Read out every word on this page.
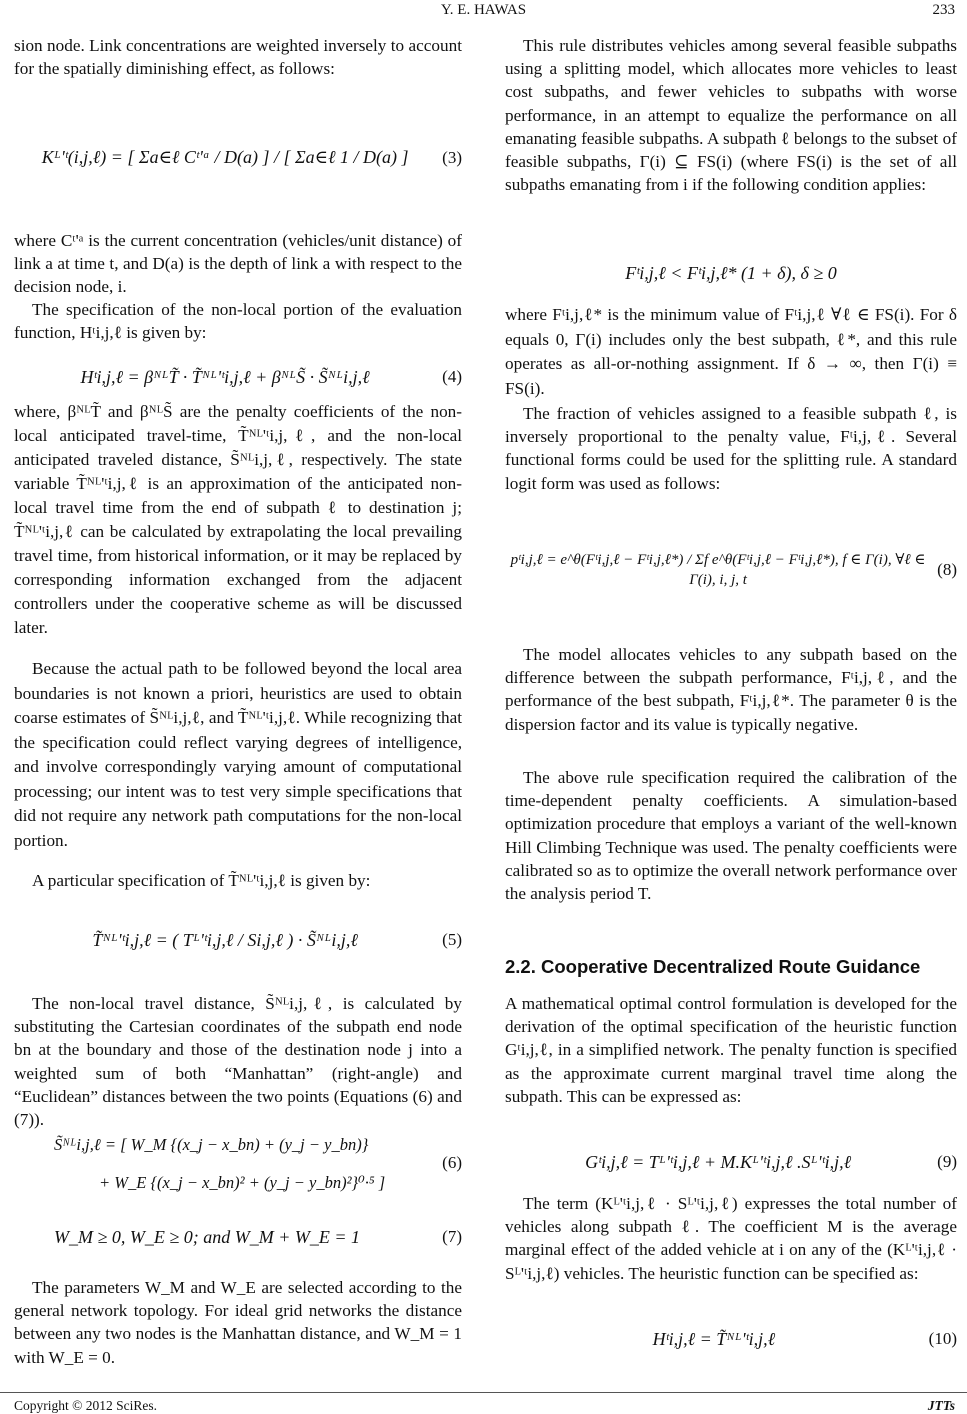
Y. E. HAWAS	233
sion node. Link concentrations are weighted inversely to account for the spatially diminishing effect, as follows:
Kᴸ'ᵗ(i,j,ℓ) = [ Σa∈ℓ Cᵗ'ᵃ / D(a) ] / [ Σa∈ℓ 1 / D(a) ]	(3)
where Cᵗ'ᵃ is the current concentration (vehicles/unit distance) of link a at time t, and D(a) is the depth of link a with respect to the decision node, i.
The specification of the non-local portion of the evaluation function, Hᵗi,j,ℓ is given by:
Hᵗi,j,ℓ = βᴺᴸT̃ · T̃ᴺᴸ'ᵗi,j,ℓ + βᴺᴸS̃ · S̃ᴺᴸi,j,ℓ	(4)
where, βᴺᴸT̃ and βᴺᴸS̃ are the penalty coefficients of the non-local anticipated travel-time, T̃ᴺᴸ'ᵗi,j,ℓ, and the non-local anticipated traveled distance, S̃ᴺᴸi,j,ℓ, respectively. The state variable T̃ᴺᴸ'ᵗi,j,ℓ is an approximation of the anticipated non-local travel time from the end of subpath ℓ to destination j; T̃ᴺᴸ'ᵗi,j,ℓ can be calculated by extrapolating the local prevailing travel time, from historical information, or it may be replaced by corresponding information exchanged from the adjacent controllers under the cooperative scheme as will be discussed later.
Because the actual path to be followed beyond the local area boundaries is not known a priori, heuristics are used to obtain coarse estimates of S̃ᴺᴸi,j,ℓ, and T̃ᴺᴸ'ᵗi,j,ℓ. While recognizing that the specification could reflect varying degrees of intelligence, and involve correspondingly varying amount of computational processing; our intent was to test very simple specifications that did not require any network path computations for the non-local portion.
A particular specification of T̃ᴺᴸ'ᵗi,j,ℓ is given by:
T̃ᴺᴸ'ᵗi,j,ℓ = ( Tᴸ'ᵗi,j,ℓ / Si,j,ℓ ) · S̃ᴺᴸi,j,ℓ	(5)
The non-local travel distance, S̃ᴺᴸi,j,ℓ, is calculated by substituting the Cartesian coordinates of the subpath end node bn at the boundary and those of the destination node j into a weighted sum of both “Manhattan” (right-angle) and “Euclidean” distances between the two points (Equations (6) and (7)).
S̃ᴺᴸi,j,ℓ = [ W_M {(x_j − x_bn) + (y_j − y_bn)}
(6)
+ W_E {(x_j − x_bn)² + (y_j − y_bn)²}⁰·⁵ ]
W_M ≥ 0, W_E ≥ 0; and W_M + W_E = 1	(7)
The parameters W_M and W_E are selected according to the general network topology. For ideal grid networks the distance between any two nodes is the Manhattan distance, and W_M = 1 with W_E = 0.
This rule distributes vehicles among several feasible subpaths using a splitting model, which allocates more vehicles to least cost subpaths, and fewer vehicles to subpaths with worse performance, in an attempt to equalize the performance on all emanating feasible subpaths. A subpath ℓ belongs to the subset of feasible subpaths, Γ(i) ⊆ FS(i) (where FS(i) is the set of all subpaths emanating from i if the following condition applies:
Fᵗi,j,ℓ < Fᵗi,j,ℓ* (1 + δ), δ ≥ 0
where Fᵗi,j,ℓ* is the minimum value of Fᵗi,j,ℓ ∀ℓ ∈ FS(i). For δ equals 0, Γ(i) includes only the best subpath, ℓ*, and this rule operates as all-or-nothing assignment. If δ → ∞, then Γ(i) ≡ FS(i).
The fraction of vehicles assigned to a feasible subpath ℓ, is inversely proportional to the penalty value, Fᵗi,j,ℓ. Several functional forms could be used for the splitting rule. A standard logit form was used as follows:
pᵗi,j,ℓ = e^θ(Fᵗi,j,ℓ − Fᵗi,j,ℓ*) / Σf e^θ(Fᵗi,j,ℓ − Fᵗi,j,ℓ*), f ∈ Γ(i), ∀ℓ ∈ Γ(i), i, j, t
(8)
The model allocates vehicles to any subpath based on the difference between the subpath performance, Fᵗi,j,ℓ, and the performance of the best subpath, Fᵗi,j,ℓ*. The parameter θ is the dispersion factor and its value is typically negative.
The above rule specification required the calibration of the time-dependent penalty coefficients. A simulation-based optimization procedure that employs a variant of the well-known Hill Climbing Technique was used. The penalty coefficients were calibrated so as to optimize the overall network performance over the analysis period T.
2.2. Cooperative Decentralized Route Guidance
A mathematical optimal control formulation is developed for the derivation of the optimal specification of the heuristic function Gᵗi,j,ℓ, in a simplified network. The penalty function is specified as the approximate current marginal travel time along the subpath. This can be expressed as:
Gᵗi,j,ℓ = Tᴸ'ᵗi,j,ℓ + M.Kᴸ'ᵗi,j,ℓ .Sᴸ'ᵗi,j,ℓ	(9)
The term (Kᴸ'ᵗi,j,ℓ · Sᴸ'ᵗi,j,ℓ) expresses the total number of vehicles along subpath ℓ. The coefficient M is the average marginal effect of the added vehicle at i on any of the (Kᴸ'ᵗi,j,ℓ · Sᴸ'ᵗi,j,ℓ) vehicles. The heuristic function can be specified as:
Hᵗi,j,ℓ = T̃ᴺᴸ'ᵗi,j,ℓ	(10)
Copyright © 2012 SciRes.	JTTs
